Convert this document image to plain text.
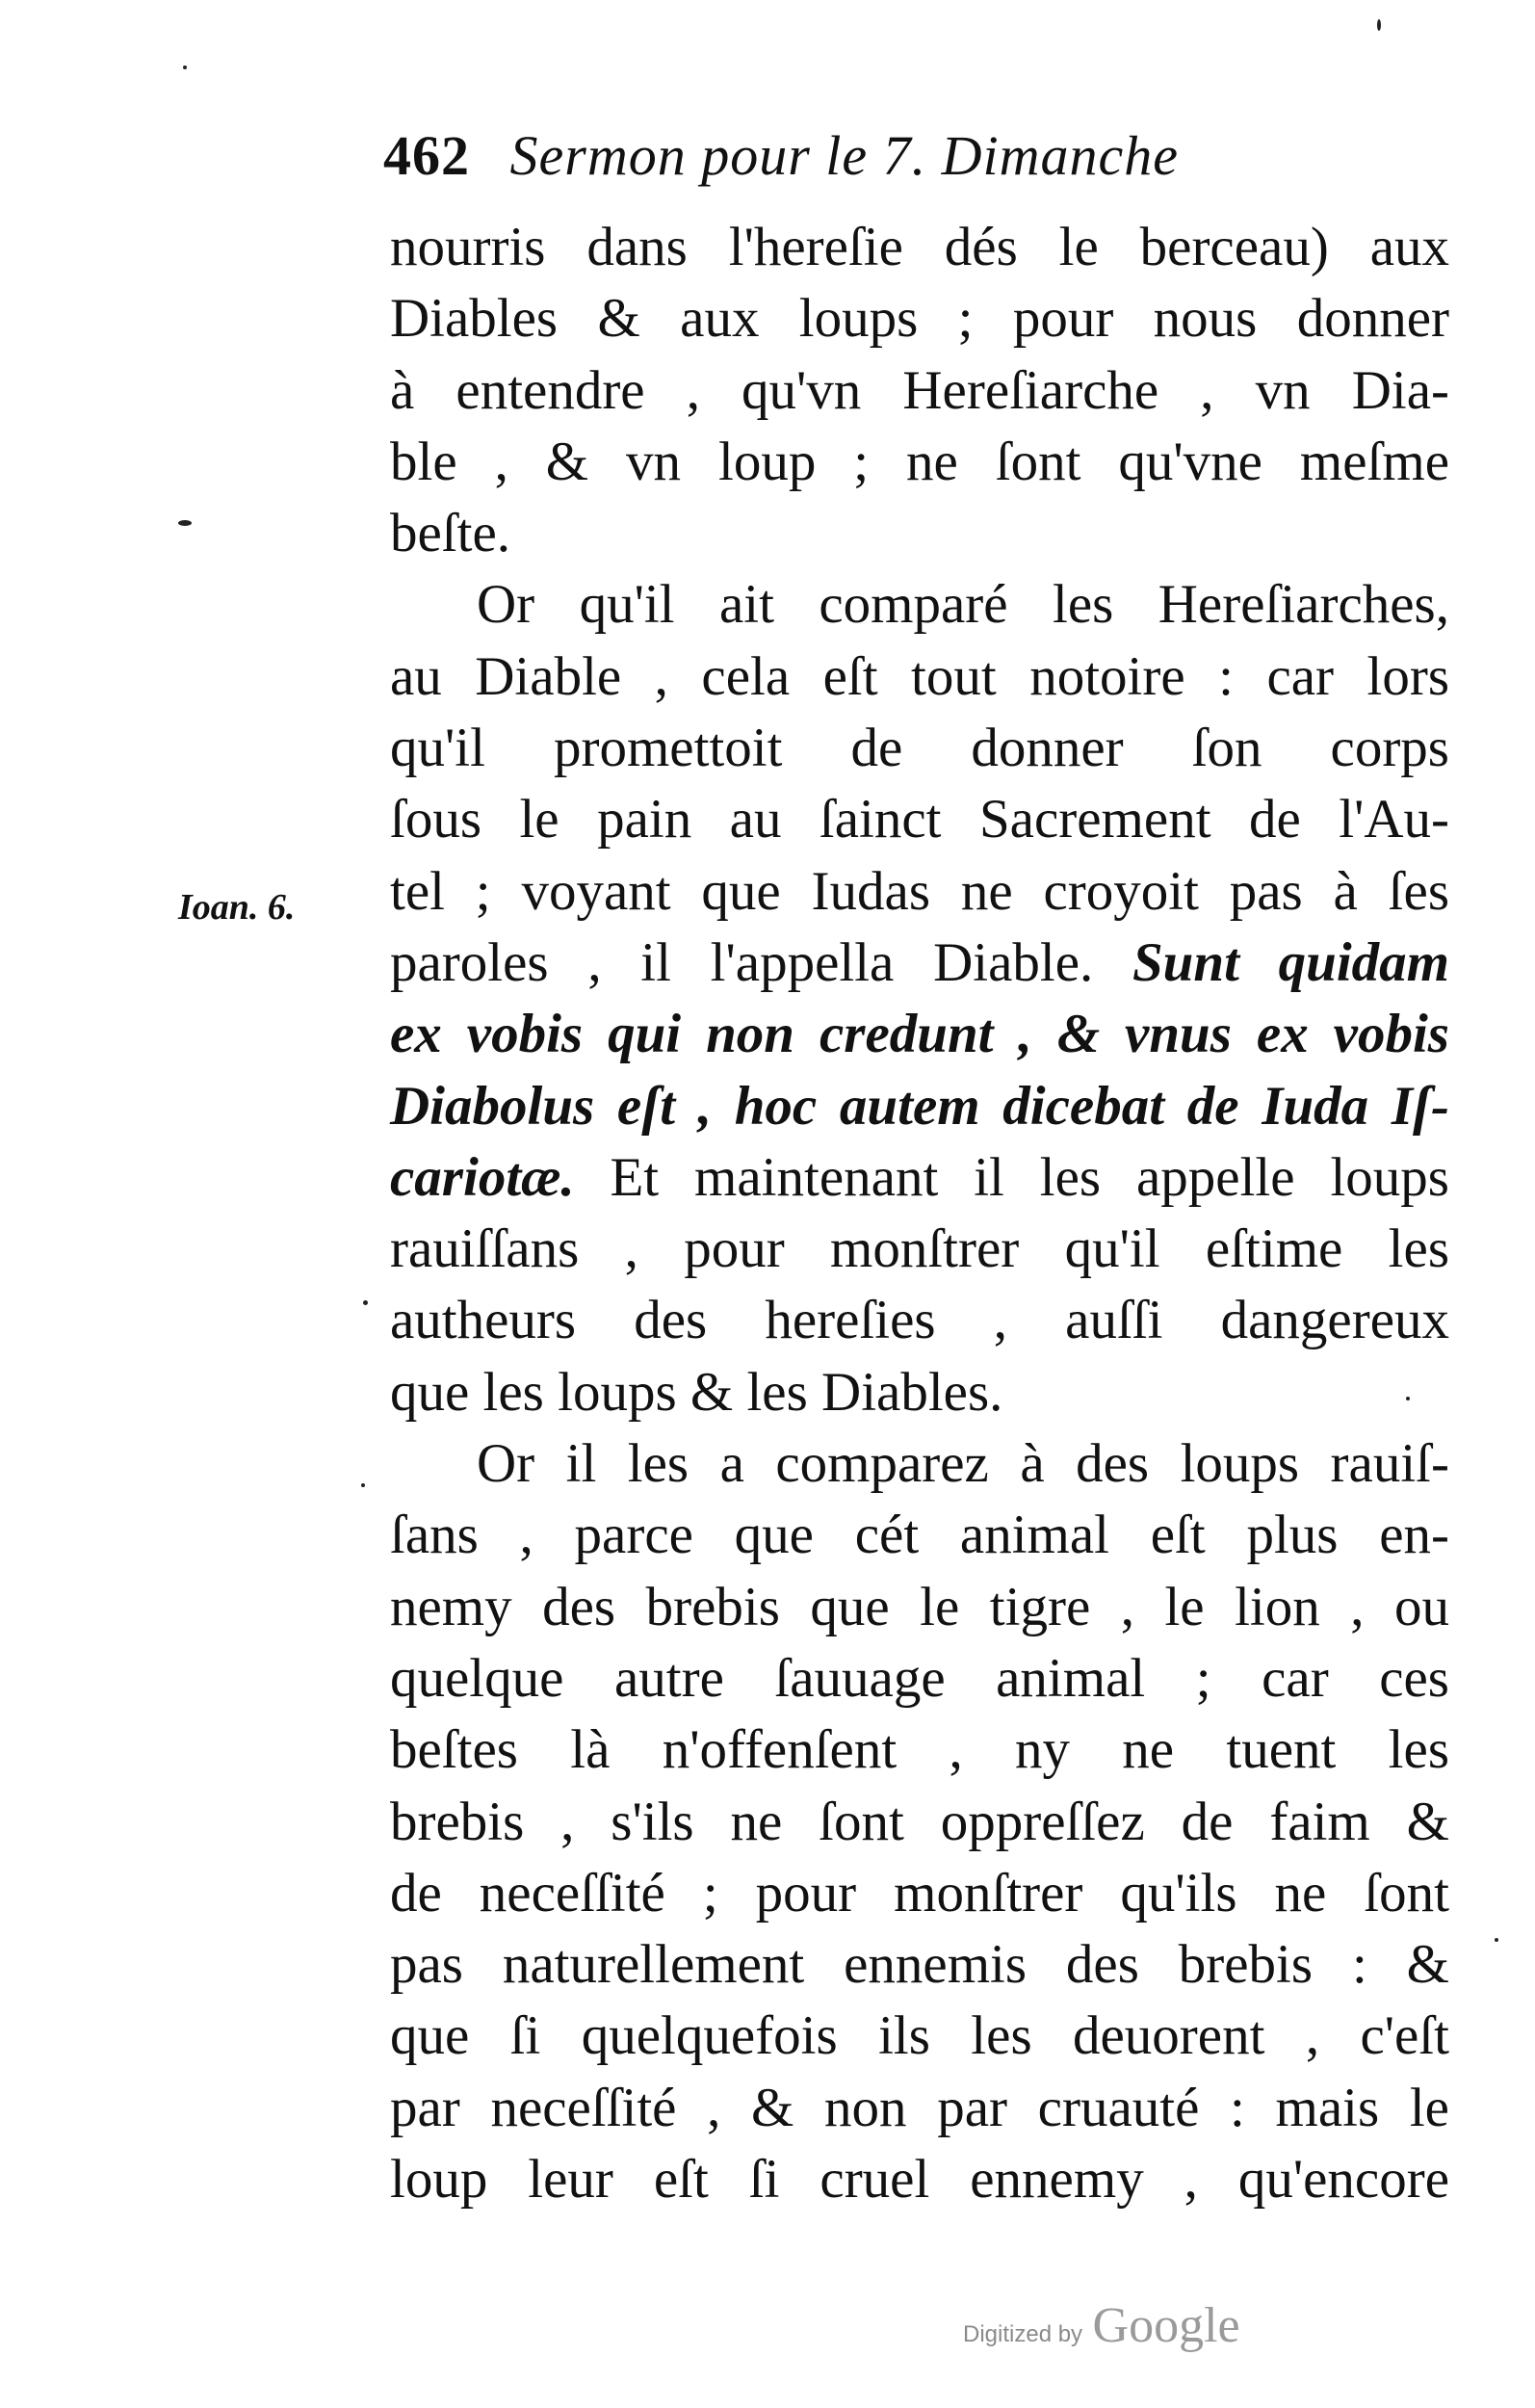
462 Sermon pour le 7. Dimanche
Ioan. 6.
nourris dans l'hereſie dés le berceau) aux
Diables & aux loups ; pour nous donner
à entendre , qu'vn Hereſiarche , vn Dia-
ble , & vn loup ; ne ſont qu'vne meſme
beſte.
Or qu'il ait comparé les Hereſiarches,
au Diable , cela eſt tout notoire : car lors
qu'il promettoit de donner ſon corps
ſous le pain au ſainct Sacrement de l'Au-
tel ; voyant que Iudas ne croyoit pas à ſes
paroles , il l'appella Diable. Sunt quidam
ex vobis qui non credunt , & vnus ex vobis
Diabolus eſt , hoc autem dicebat de Iuda Iſ-
cariotæ. Et maintenant il les appelle loups
rauiſſans , pour monſtrer qu'il eſtime les
autheurs des hereſies , auſſi dangereux
que les loups & les Diables.
Or il les a comparez à des loups rauiſ-
ſans , parce que cét animal eſt plus en-
nemy des brebis que le tigre , le lion , ou
quelque autre ſauuage animal ; car ces
beſtes là n'offenſent , ny ne tuent les
brebis , s'ils ne ſont oppreſſez de faim &
de neceſſité ; pour monſtrer qu'ils ne ſont
pas naturellement ennemis des brebis : &
que ſi quelquefois ils les deuorent , c'eſt
par neceſſité , & non par cruauté : mais le
loup leur eſt ſi cruel ennemy , qu'encore
Digitized by Google
